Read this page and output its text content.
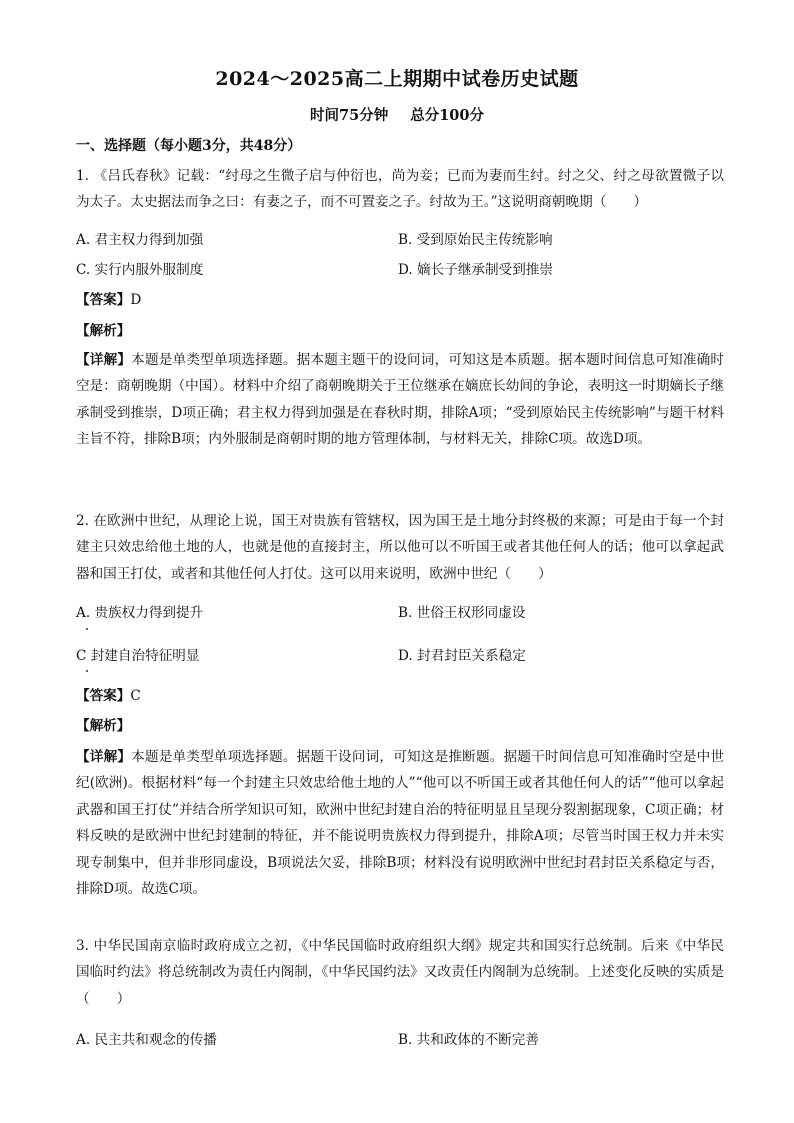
2024～2025高二上期期中试卷历史试题
时间75分钟 总分100分
一、选择题（每小题3分，共48分）
1. 《吕氏春秋》记载：“纣母之生微子启与仲衍也，尚为妾；已而为妻而生纣。纣之父、纣之母欲置微子以为太子。太史据法而争之曰：有妻之子，而不可置妾之子。纣故为王。”这说明商朝晚期（　　）
A. 君主权力得到加强	B. 受到原始民主传统影响
C. 实行内服外服制度	D. 嫡长子继承制受到推崇
【答案】D
【解析】
【详解】本题是单类型单项选择题。据本题主题干的设问词，可知这是本质题。据本题时间信息可知准确时空是：商朝晚期（中国）。材料中介绍了商朝晚期关于王位继承在嫡庶长幼间的争论，表明这一时期嫡长子继承制受到推崇，D项正确；君主权力得到加强是在春秋时期，排除A项；“受到原始民主传统影响”与题干材料主旨不符，排除B项；内外服制是商朝时期的地方管理体制，与材料无关，排除C项。故选D项。
2. 在欧洲中世纪，从理论上说，国王对贵族有管辖权，因为国王是土地分封终极的来源；可是由于每一个封建主只效忠给他土地的人，也就是他的直接封主，所以他可以不听国王或者其他任何人的话；他可以拿起武器和国王打仗，或者和其他任何人打仗。这可以用来说明，欧洲中世纪（　　）
A. 贵族权力得到提升	B. 世俗王权形同虚设
C 封建自治特征明显	D. 封君封臣关系稳定
【答案】C
【解析】
【详解】本题是单类型单项选择题。据题干设问词，可知这是推断题。据题干时间信息可知准确时空是中世纪(欧洲)。根据材料“每一个封建主只效忠给他土地的人”“他可以不听国王或者其他任何人的话”“他可以拿起武器和国王打仗”并结合所学知识可知，欧洲中世纪封建自治的特征明显且呈现分裂割据现象，C项正确；材料反映的是欧洲中世纪封建制的特征，并不能说明贵族权力得到提升，排除A项；尽管当时国王权力并未实现专制集中，但并非形同虚设，B项说法欠妥，排除B项；材料没有说明欧洲中世纪封君封臣关系稳定与否，排除D项。故选C项。
3. 中华民国南京临时政府成立之初，《中华民国临时政府组织大纲》规定共和国实行总统制。后来《中华民国临时约法》将总统制改为责任内阁制，《中华民国约法》又改责任内阁制为总统制。上述变化反映的实质是（　　）
A. 民主共和观念的传播	B. 共和政体的不断完善
